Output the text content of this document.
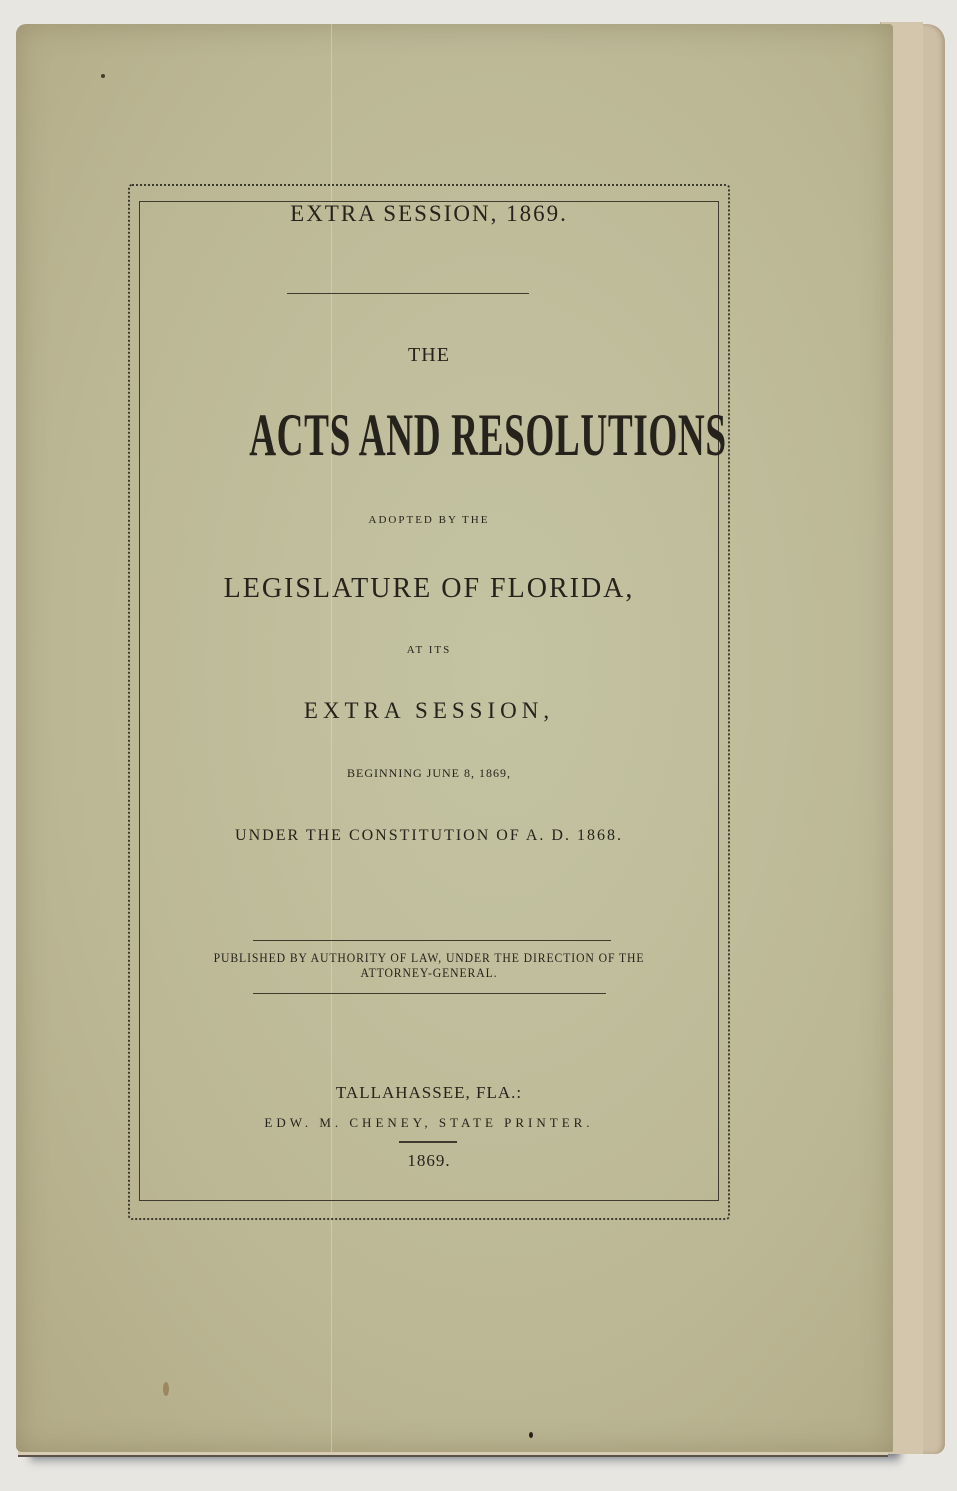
EXTRA SESSION, 1869.
THE
ACTS AND RESOLUTIONS
ADOPTED BY THE
LEGISLATURE OF FLORIDA,
AT ITS
EXTRA SESSION,
BEGINNING JUNE 8, 1869,
UNDER THE CONSTITUTION OF A. D. 1868.
PUBLISHED BY AUTHORITY OF LAW, UNDER THE DIRECTION OF THE
ATTORNEY-GENERAL.
TALLAHASSEE, FLA.:
EDW. M. CHENEY, STATE PRINTER.
1869.
